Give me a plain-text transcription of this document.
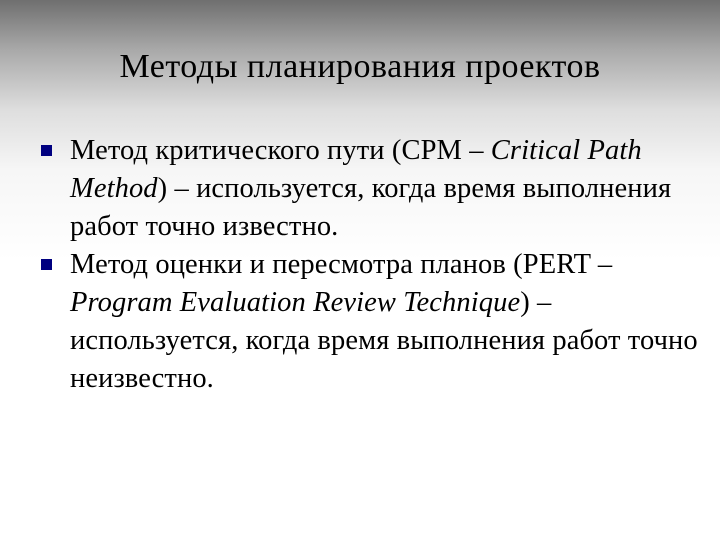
Методы планирования проектов
Метод критического пути (CPM – Critical Path Method) – используется, когда время выполнения работ точно известно.
Метод оценки и пересмотра планов (PERT – Program Evaluation Review Technique) – используется, когда время выполнения работ точно неизвестно.
